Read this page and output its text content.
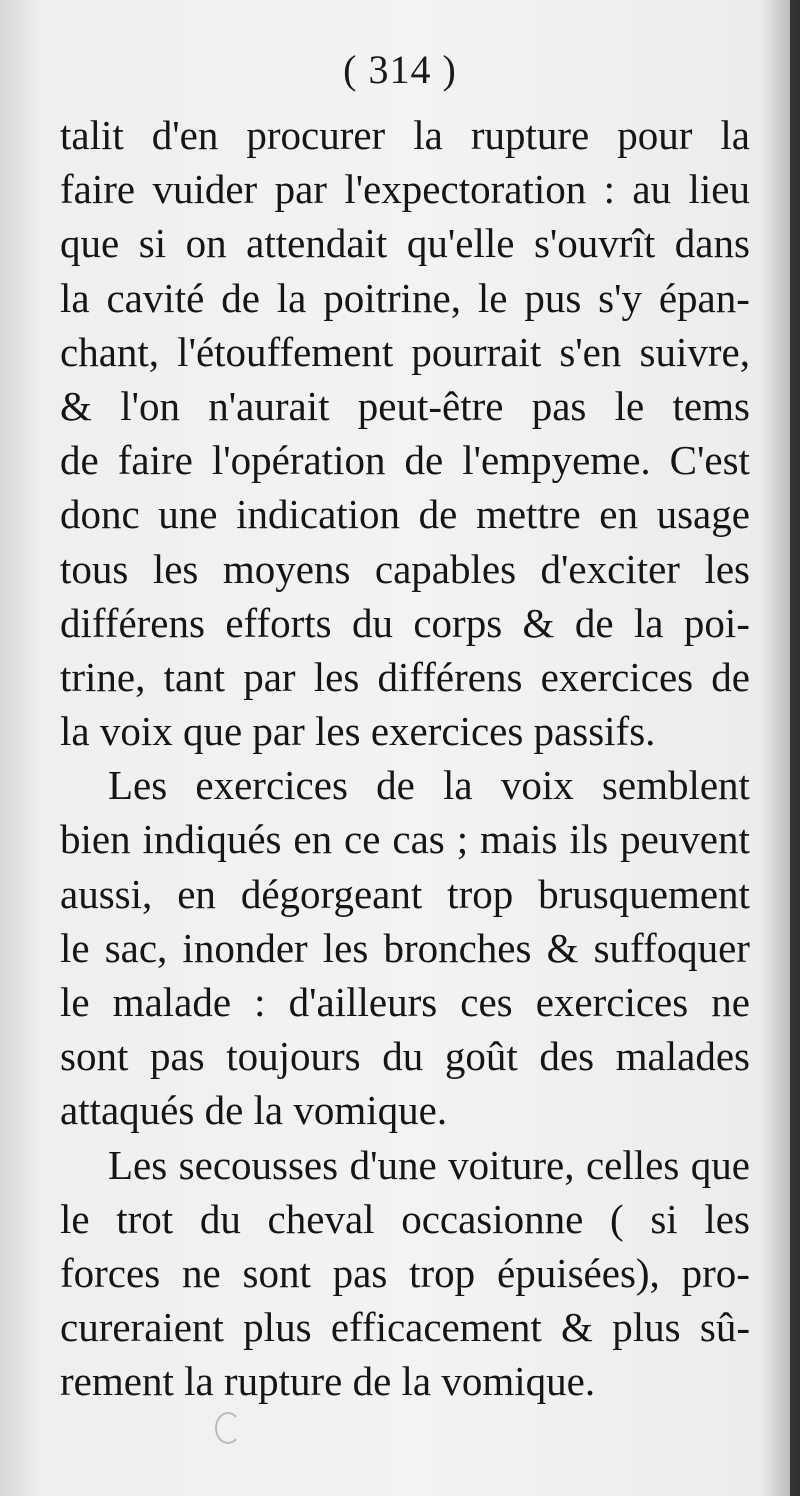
( 314 )
talit d'en procurer la rupture pour la
faire vuider par l'expectoration : au lieu
que si on attendait qu'elle s'ouvrît dans
la cavité de la poitrine, le pus s'y épan-
chant, l'étouffement pourrait s'en suivre,
& l'on n'aurait peut-être pas le tems
de faire l'opération de l'empyeme. C'est
donc une indication de mettre en usage
tous les moyens capables d'exciter les
différens efforts du corps & de la poi-
trine, tant par les différens exercices de
la voix que par les exercices passifs.
Les exercices de la voix semblent
bien indiqués en ce cas ; mais ils peuvent
aussi, en dégorgeant trop brusquement
le sac, inonder les bronches & suffoquer
le malade : d'ailleurs ces exercices ne
sont pas toujours du goût des malades
attaqués de la vomique.
Les secousses d'une voiture, celles que
le trot du cheval occasionne ( si les
forces ne sont pas trop épuisées), pro-
cureraient plus efficacement & plus sû-
rement la rupture de la vomique.
